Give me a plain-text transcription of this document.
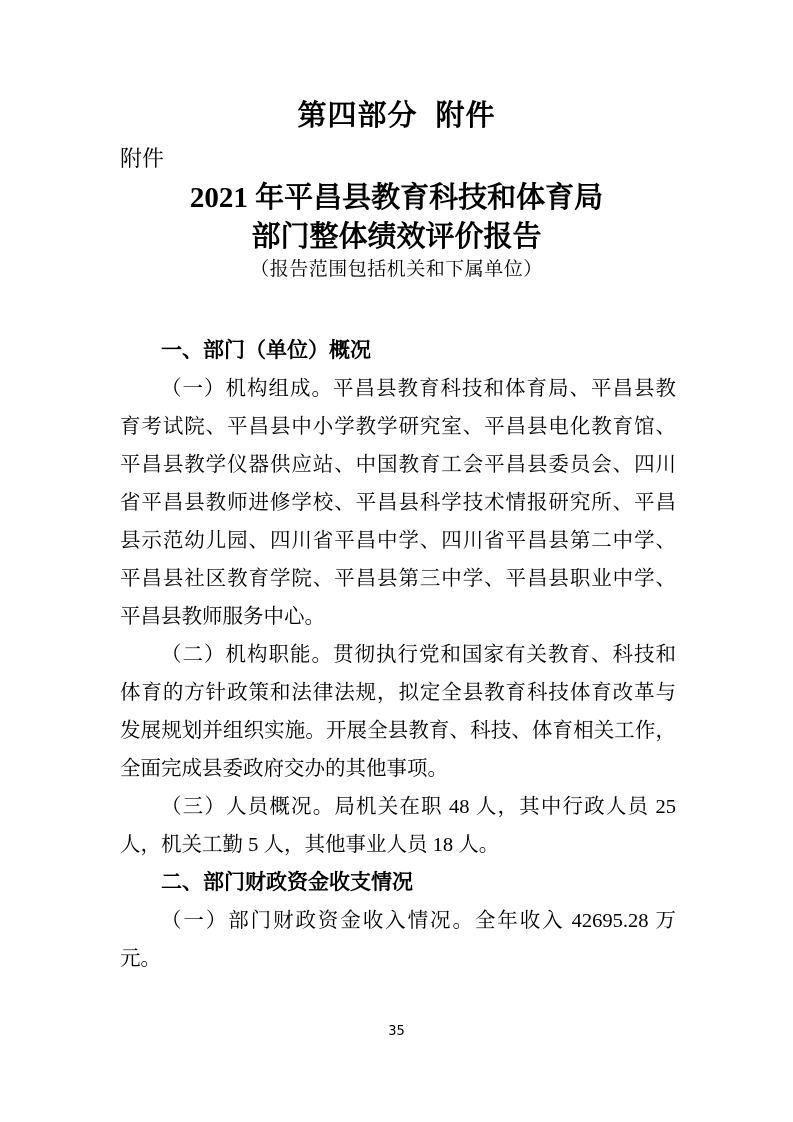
第四部分 附件
附件
2021 年平昌县教育科技和体育局
部门整体绩效评价报告
（报告范围包括机关和下属单位）
一、部门（单位）概况
（一）机构组成。平昌县教育科技和体育局、平昌县教
育考试院、平昌县中小学教学研究室、平昌县电化教育馆、
平昌县教学仪器供应站、中国教育工会平昌县委员会、四川
省平昌县教师进修学校、平昌县科学技术情报研究所、平昌
县示范幼儿园、四川省平昌中学、四川省平昌县第二中学、
平昌县社区教育学院、平昌县第三中学、平昌县职业中学、
平昌县教师服务中心。
（二）机构职能。贯彻执行党和国家有关教育、科技和
体育的方针政策和法律法规，拟定全县教育科技体育改革与
发展规划并组织实施。开展全县教育、科技、体育相关工作，
全面完成县委政府交办的其他事项。
（三）人员概况。局机关在职 48 人，其中行政人员 25
人，机关工勤 5 人，其他事业人员 18 人。
二、部门财政资金收支情况
（一）部门财政资金收入情况。全年收入 42695.28 万
元。
35
